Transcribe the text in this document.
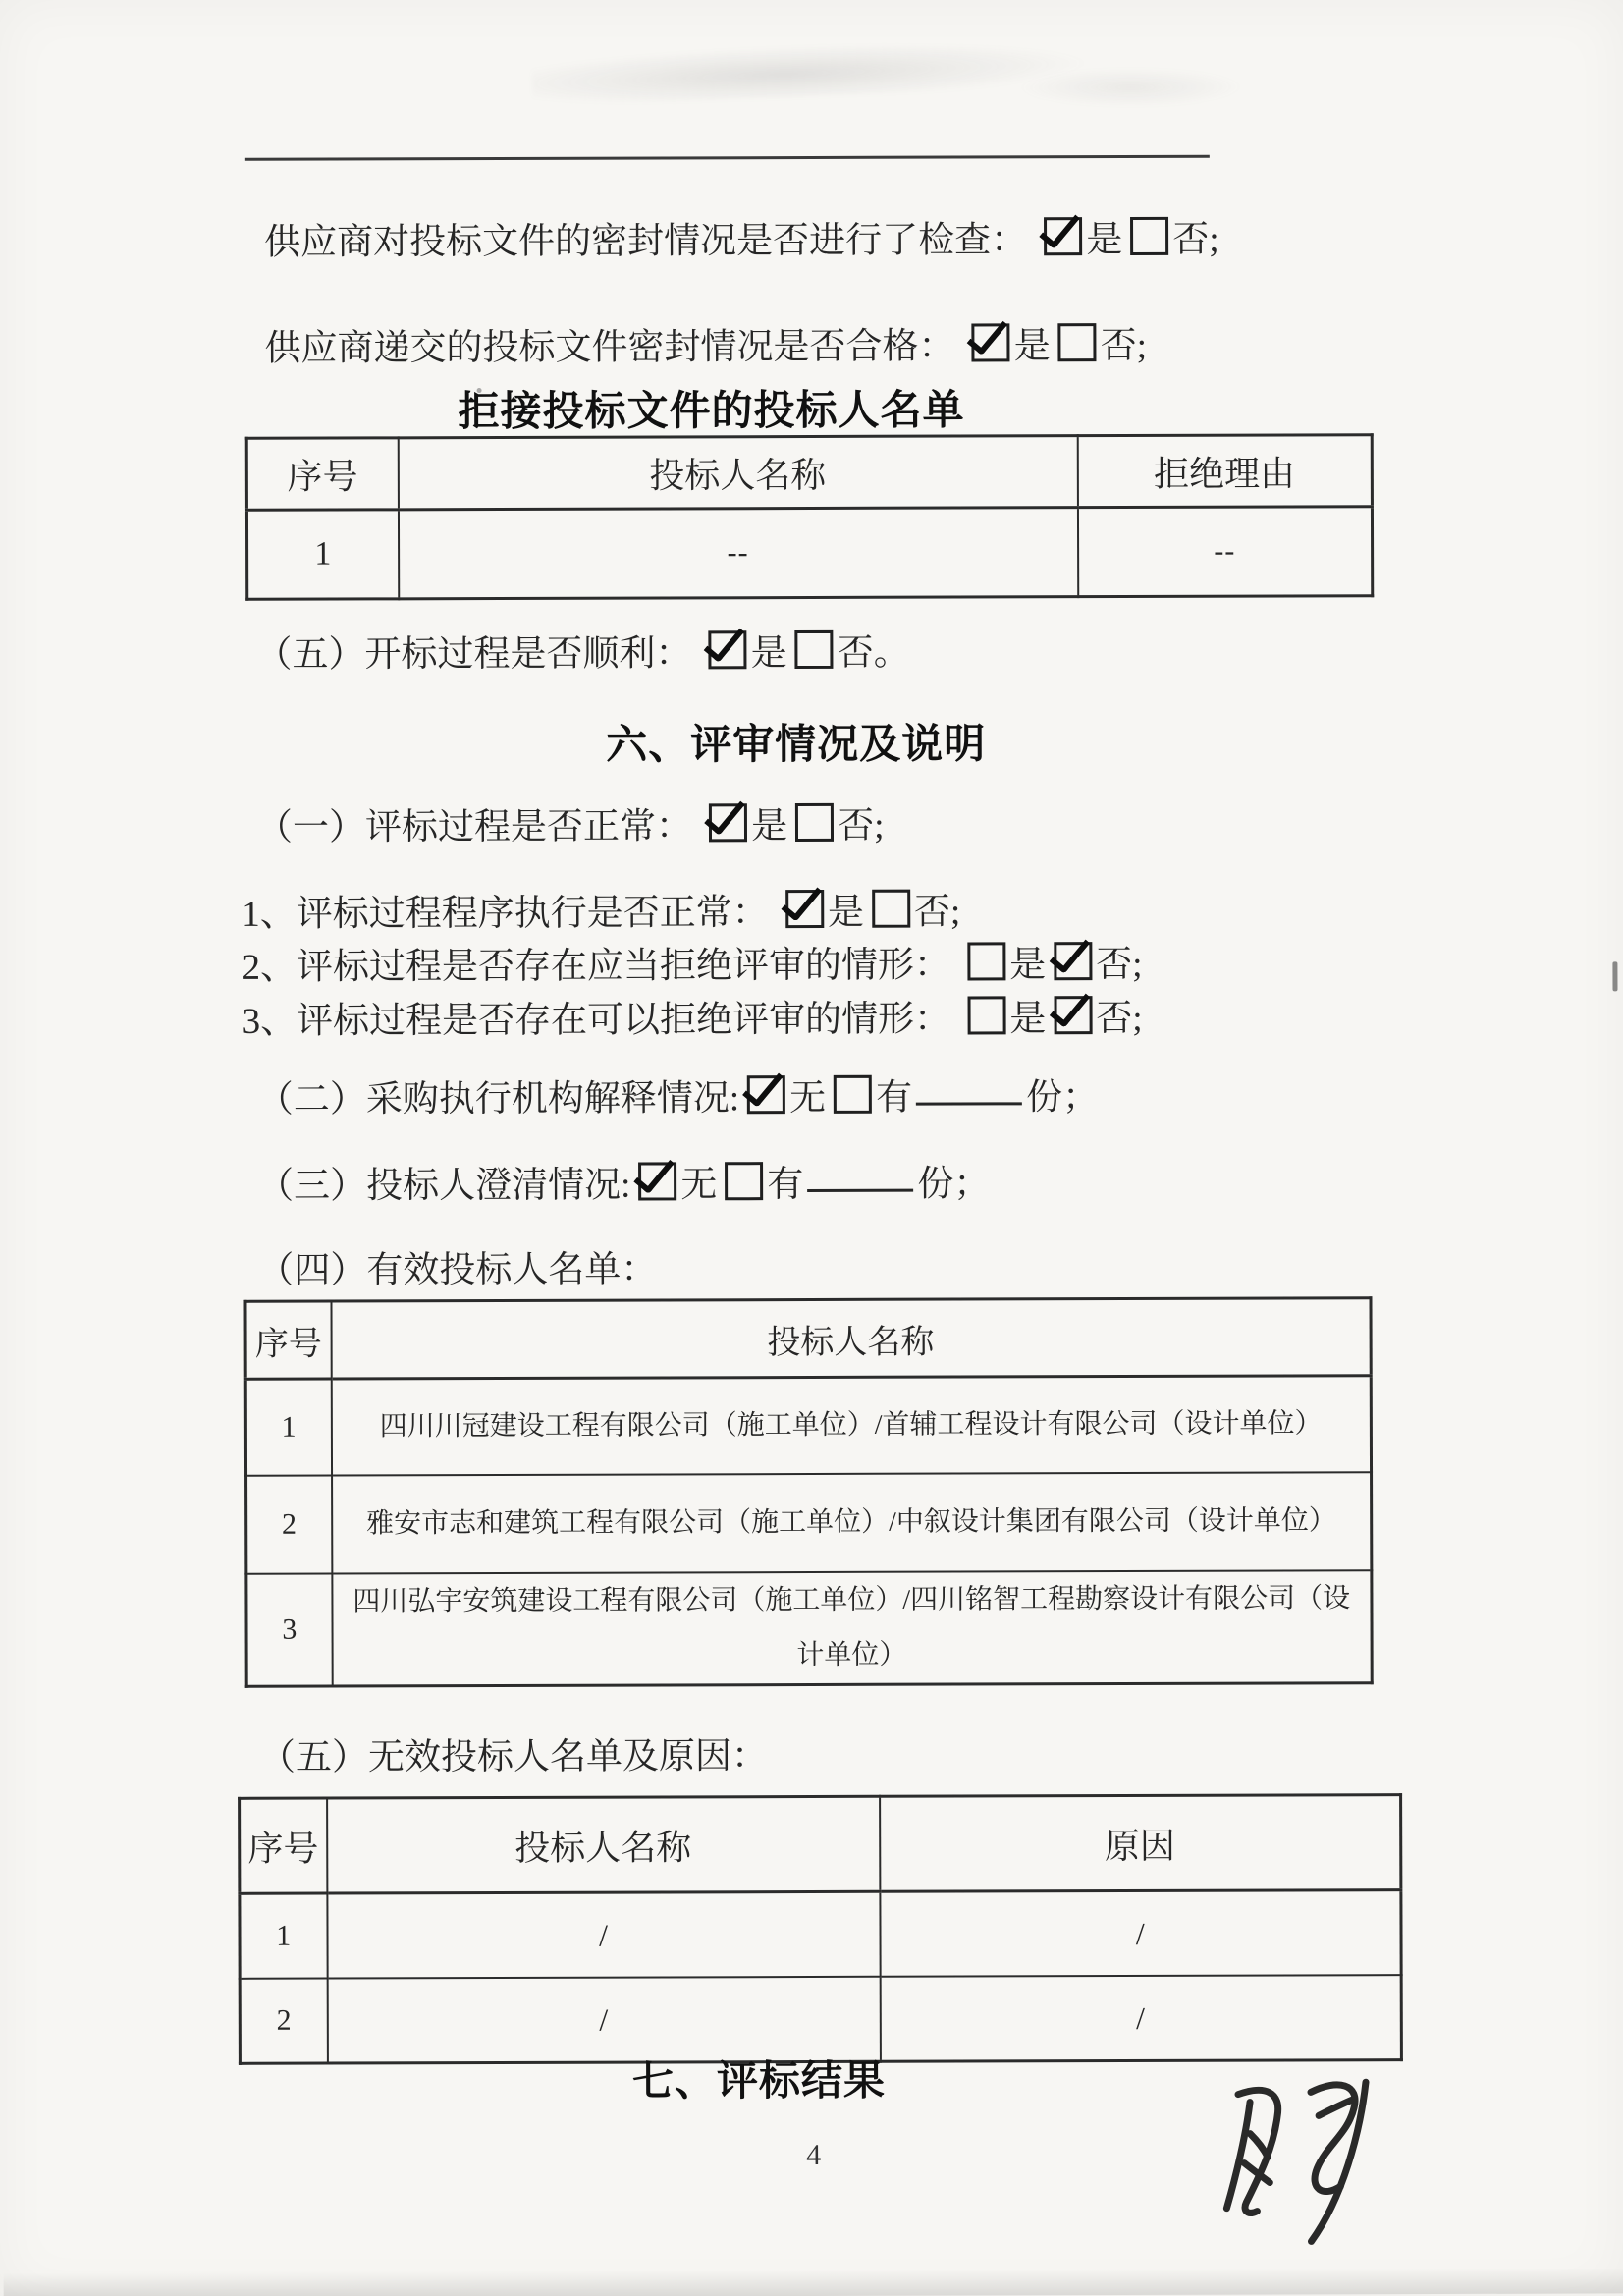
供应商对投标文件的密封情况是否进行了检查： 是 否;
供应商递交的投标文件密封情况是否合格： 是 否;
拒接投标文件的投标人名单
序号	投标人名称	拒绝理由
1	--	--
（五）开标过程是否顺利： 是 否。
六、评审情况及说明
（一）评标过程是否正常： 是 否;
1、评标过程程序执行是否正常： 是 否;
2、评标过程是否存在应当拒绝评审的情形： 是 否;
3、评标过程是否存在可以拒绝评审的情形： 是 否;
（二）采购执行机构解释情况: 无 有	份；
（三）投标人澄清情况: 无 有	份；
（四）有效投标人名单：
序号	投标人名称
1	四川川冠建设工程有限公司（施工单位）/首辅工程设计有限公司（设计单位）
2	雅安市志和建筑工程有限公司（施工单位）/中叙设计集团有限公司（设计单位）
3	四川弘宇安筑建设工程有限公司（施工单位）/四川铭智工程勘察设计有限公司（设计单位）
（五）无效投标人名单及原因：
序号	投标人名称	原因
1	/	/
2	/	/
七、评标结果
4
